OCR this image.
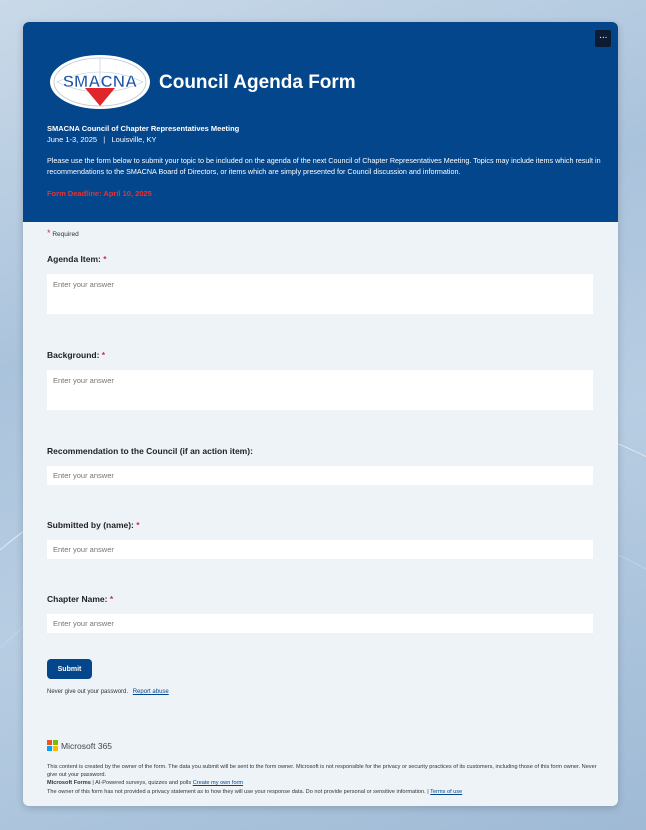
···
SMACNA Council Agenda Form
SMACNA Council of Chapter Representatives Meeting
June 1-3, 2025   |   Louisville, KY
Please use the form below to submit your topic to be included on the agenda of the next Council of Chapter Representatives Meeting. Topics may include items which result in recommendations to the SMACNA Board of Directors, or items which are simply presented for Council discussion and information.
Form Deadline: April 10, 2025
* Required
Agenda Item: *
Enter your answer
Background: *
Enter your answer
Recommendation to the Council (if an action item):
Enter your answer
Submitted by (name): *
Enter your answer
Chapter Name: *
Enter your answer
Submit
Never give out your password. Report abuse
Microsoft 365
This content is created by the owner of the form. The data you submit will be sent to the form owner. Microsoft is not responsible for the privacy or security practices of its customers, including those of this form owner. Never give out your password.
Microsoft Forms | AI-Powered surveys, quizzes and polls Create my own form
The owner of this form has not provided a privacy statement as to how they will use your response data. Do not provide personal or sensitive information. | Terms of use
